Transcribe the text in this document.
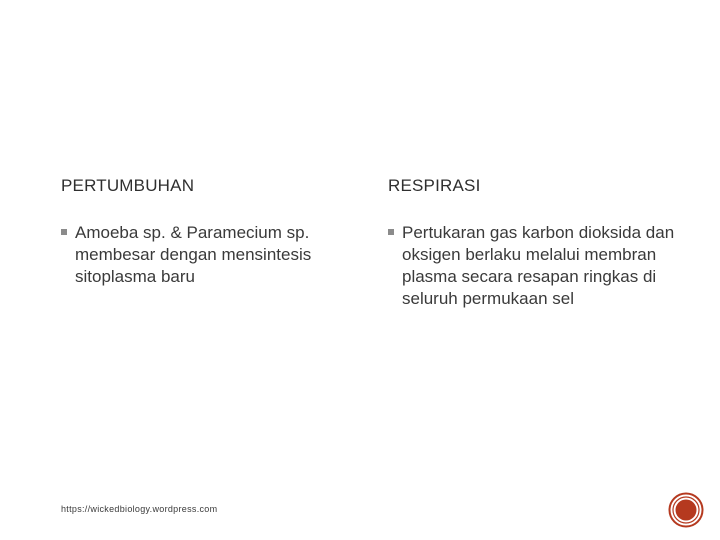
PERTUMBUHAN
Amoeba sp. & Paramecium sp. membesar dengan mensintesis sitoplasma baru
RESPIRASI
Pertukaran gas karbon dioksida dan oksigen berlaku melalui membran plasma secara resapan ringkas di seluruh permukaan sel
https://wickedbiology.wordpress.com
